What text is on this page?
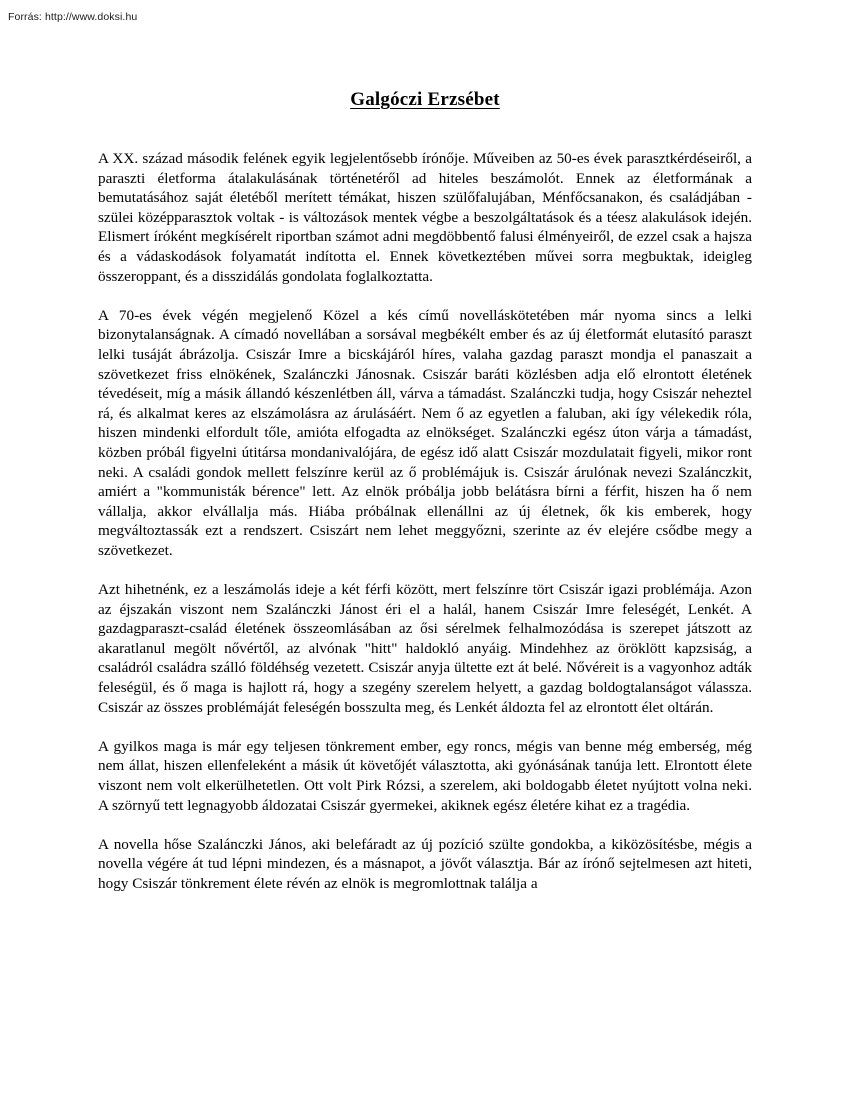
Forrás: http://www.doksi.hu
Galgóczi Erzsébet

A XX. század második felének egyik legjelentősebb írónője. Műveiben az 50-es évek parasztkérdéseiről, a paraszti életforma átalakulásának történetéről ad hiteles beszámolót. Ennek az életformának a bemutatásához saját életéből merített témákat, hiszen szülőfalujában, Ménfőcsanakon, és családjában - szülei középparasztok voltak - is változások mentek végbe a beszolgáltatások és a téesz alakulások idején. Elismert íróként megkísérelt riportban számot adni megdöbbentő falusi élményeiről, de ezzel csak a hajsza és a vádaskodások folyamatát indította el. Ennek következtében művei sorra megbuktak, ideigleg összeroppant, és a disszidálás gondolata foglalkoztatta.

A 70-es évek végén megjelenő Közel a kés című novelláskötetében már nyoma sincs a lelki bizonytalanságnak. A címadó novellában a sorsával megbékélt ember és az új életformát elutasító paraszt lelki tusáját ábrázolja. Csiszár Imre a bicskájáról híres, valaha gazdag paraszt mondja el panaszait a szövetkezet friss elnökének, Szalánczki Jánosnak. Csiszár baráti közlésben adja elő elrontott életének tévedéseit, míg a másik állandó készenlétben áll, várva a támadást. Szalánczki tudja, hogy Csiszár neheztel rá, és alkalmat keres az elszámolásra az árulásáért. Nem ő az egyetlen a faluban, aki így vélekedik róla, hiszen mindenki elfordult tőle, amióta elfogadta az elnökséget. Szalánczki egész úton várja a támadást, közben próbál figyelni útitársa mondanivalójára, de egész idő alatt Csiszár mozdulatait figyeli, mikor ront neki. A családi gondok mellett felszínre kerül az ő problémájuk is. Csiszár árulónak nevezi Szalánczkit, amiért a "kommunisták bérence" lett. Az elnök próbálja jobb belátásra bírni a férfit, hiszen ha ő nem vállalja, akkor elvállalja más. Hiába próbálnak ellenállni az új életnek, ők kis emberek, hogy megváltoztassák ezt a rendszert. Csiszárt nem lehet meggyőzni, szerinte az év elejére csődbe megy a szövetkezet.

Azt hihetnénk, ez a leszámolás ideje a két férfi között, mert felszínre tört Csiszár igazi problémája. Azon az éjszakán viszont nem Szalánczki Jánost éri el a halál, hanem Csiszár Imre feleségét, Lenkét. A gazdagparaszt-család életének összeomlásában az ősi sérelmek felhalmozódása is szerepet játszott az akaratlanul megölt nővértől, az alvónak "hitt" haldokló anyáig. Mindehhez az öröklött kapzsiság, a családról családra szálló földéhség vezetett. Csiszár anyja ültette ezt át belé. Nővéreit is a vagyonhoz adták feleségül, és ő maga is hajlott rá, hogy a szegény szerelem helyett, a gazdag boldogtalanságot válassza. Csiszár az összes problémáját feleségén bosszulta meg, és Lenkét áldozta fel az elrontott élet oltárán.

A gyilkos maga is már egy teljesen tönkrement ember, egy roncs, mégis van benne még emberség, még nem állat, hiszen ellenfeleként a másik út követőjét választotta, aki gyónásának tanúja lett. Elrontott élete viszont nem volt elkerülhetetlen. Ott volt Pirk Rózsi, a szerelem, aki boldogabb életet nyújtott volna neki. A szörnyű tett legnagyobb áldozatai Csiszár gyermekei, akiknek egész életére kihat ez a tragédia.

A novella hőse Szalánczki János, aki belefáradt az új pozíció szülte gondokba, a kiközösítésbe, mégis a novella végére át tud lépni mindezen, és a másnapot, a jövőt választja. Bár az írónő sejtelmesen azt hiteti, hogy Csiszár tönkrement élete révén az elnök is megromlottnak találja a
